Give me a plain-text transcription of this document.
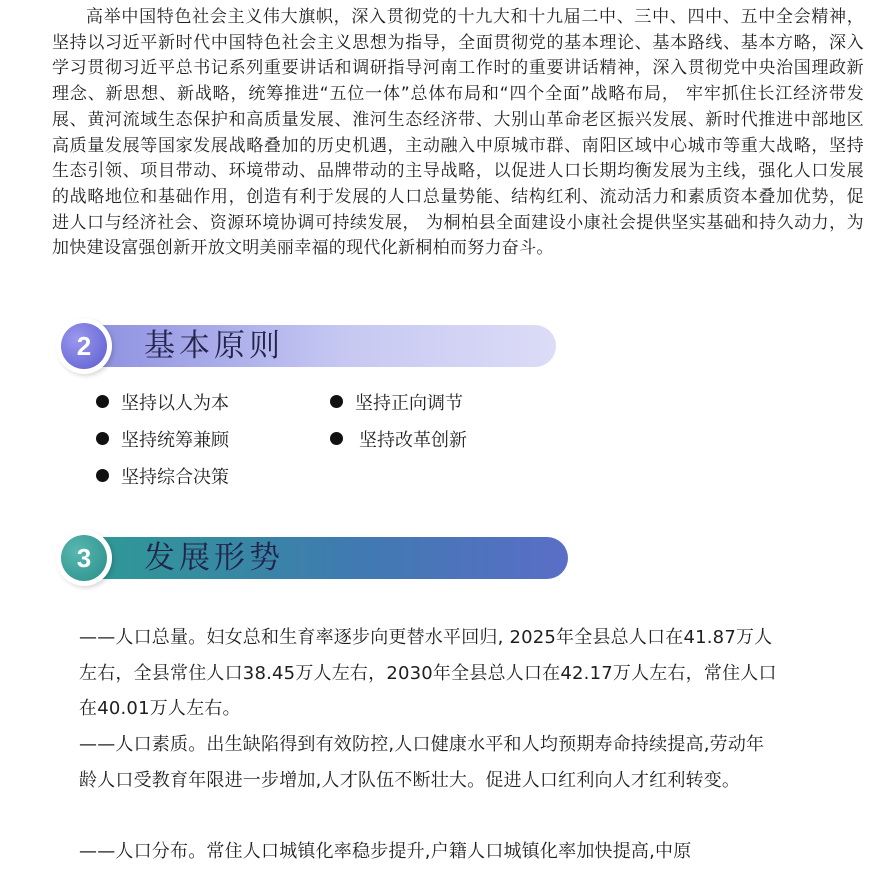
高举中国特色社会主义伟大旗帜，深入贯彻党的十九大和十九届二中、三中、四中、五中全会精神，坚持以习近平新时代中国特色社会主义思想为指导，全面贯彻党的基本理论、基本路线、基本方略，深入学习贯彻习近平总书记系列重要讲话和调研指导河南工作时的重要讲话精神，深入贯彻党中央治国理政新理念、新思想、新战略，统筹推进“五位一体”总体布局和“四个全面”战略布局， 牢牢抓住长江经济带发展、黄河流域生态保护和高质量发展、淮河生态经济带、大别山革命老区振兴发展、新时代推进中部地区高质量发展等国家发展战略叠加的历史机遇，主动融入中原城市群、南阳区域中心城市等重大战略，坚持生态引领、项目带动、环境带动、品牌带动的主导战略，以促进人口长期均衡发展为主线，强化人口发展的战略地位和基础作用，创造有利于发展的人口总量势能、结构红利、流动活力和素质资本叠加优势，促进人口与经济社会、资源环境协调可持续发展， 为桐柏县全面建设小康社会提供坚实基础和持久动力，为加快建设富强创新开放文明美丽幸福的现代化新桐柏而努力奋斗。

2	基本原则
坚持以人为本	坚持正向调节
坚持统筹兼顾	坚持改革创新
坚持综合决策
3	发展形势

——人口总量。妇女总和生育率逐步向更替水平回归, 2025年全县总人口在41.87万人左右，全县常住人口38.45万人左右，2030年全县总人口在42.17万人左右，常住人口在40.01万人左右。

——人口素质。出生缺陷得到有效防控,人口健康水平和人均预期寿命持续提高,劳动年龄人口受教育年限进一步增加,人才队伍不断壮大。促进人口红利向人才红利转变。

——人口分布。常住人口城镇化率稳步提升,户籍人口城镇化率加快提高,中原
